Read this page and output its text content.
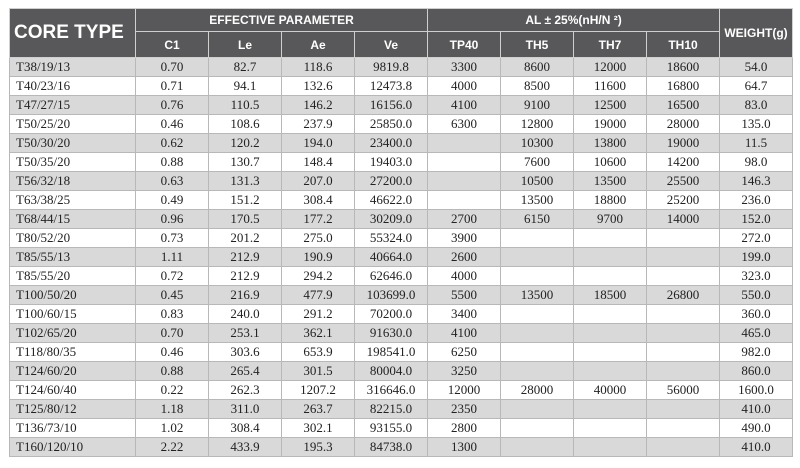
CORE TYPE	EFFECTIVE PARAMETER				AL ± 25%(nH/N ²)				WEIGHT(g)
	C1	Le	Ae	Ve	TP40	TH5	TH7	TH10	
T38/19/13	0.70	82.7	118.6	9819.8	3300	8600	12000	18600	54.0
T40/23/16	0.71	94.1	132.6	12473.8	4000	8500	11600	16800	64.7
T47/27/15	0.76	110.5	146.2	16156.0	4100	9100	12500	16500	83.0
T50/25/20	0.46	108.6	237.9	25850.0	6300	12800	19000	28000	135.0
T50/30/20	0.62	120.2	194.0	23400.0		10300	13800	19000	11.5
T50/35/20	0.88	130.7	148.4	19403.0		7600	10600	14200	98.0
T56/32/18	0.63	131.3	207.0	27200.0		10500	13500	25500	146.3
T63/38/25	0.49	151.2	308.4	46622.0		13500	18800	25200	236.0
T68/44/15	0.96	170.5	177.2	30209.0	2700	6150	9700	14000	152.0
T80/52/20	0.73	201.2	275.0	55324.0	3900				272.0
T85/55/13	1.11	212.9	190.9	40664.0	2600				199.0
T85/55/20	0.72	212.9	294.2	62646.0	4000				323.0
T100/50/20	0.45	216.9	477.9	103699.0	5500	13500	18500	26800	550.0
T100/60/15	0.83	240.0	291.2	70200.0	3400				360.0
T102/65/20	0.70	253.1	362.1	91630.0	4100				465.0
T118/80/35	0.46	303.6	653.9	198541.0	6250				982.0
T124/60/20	0.88	265.4	301.5	80004.0	3250				860.0
T124/60/40	0.22	262.3	1207.2	316646.0	12000	28000	40000	56000	1600.0
T125/80/12	1.18	311.0	263.7	82215.0	2350				410.0
T136/73/10	1.02	308.4	302.1	93155.0	2800				490.0
T160/120/10	2.22	433.9	195.3	84738.0	1300				410.0
